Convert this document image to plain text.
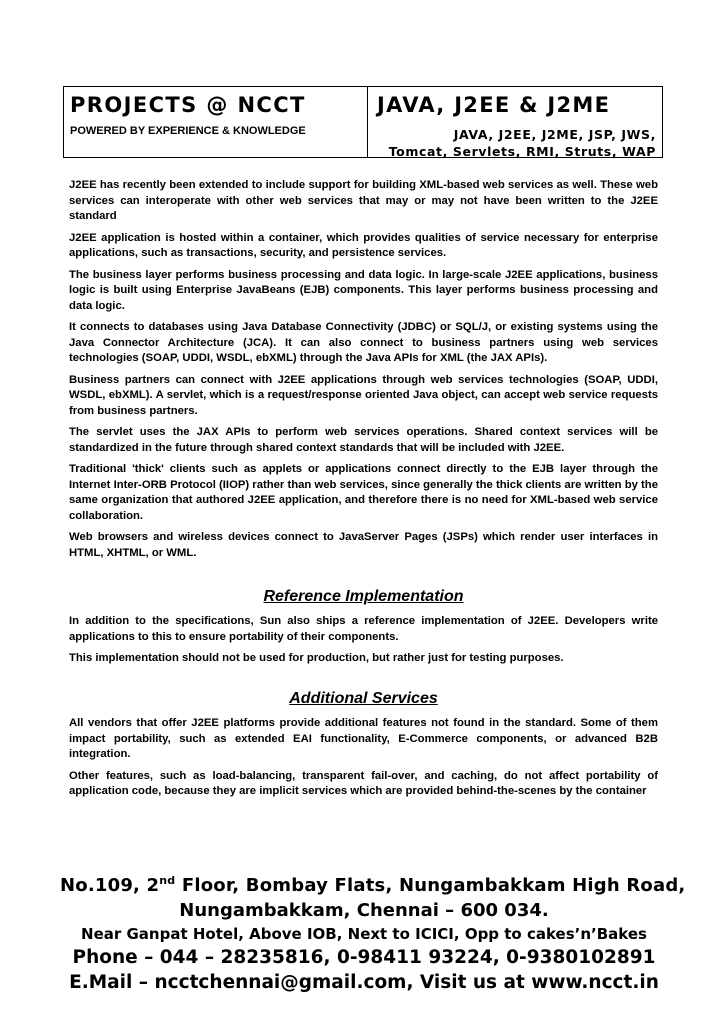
PROJECTS @ NCCT
POWERED BY EXPERIENCE & KNOWLEDGE
JAVA, J2EE & J2ME
JAVA, J2EE, J2ME, JSP, JWS,
Tomcat, Servlets, RMI, Struts, WAP

J2EE has recently been extended to include support for building XML-based web services as well. These web services can interoperate with other web services that may or may not have been written to the J2EE standard

J2EE application is hosted within a container, which provides qualities of service necessary for enterprise applications, such as transactions, security, and persistence services.

The business layer performs business processing and data logic. In large-scale J2EE applications, business logic is built using Enterprise JavaBeans (EJB) components. This layer performs business processing and data logic.

It connects to databases using Java Database Connectivity (JDBC) or SQL/J, or existing systems using the Java Connector Architecture (JCA). It can also connect to business partners using web services technologies (SOAP, UDDI, WSDL, ebXML) through the Java APIs for XML (the JAX APIs).

Business partners can connect with J2EE applications through web services technologies (SOAP, UDDI, WSDL, ebXML). A servlet, which is a request/response oriented Java object, can accept web service requests from business partners.

The servlet uses the JAX APIs to perform web services operations. Shared context services will be standardized in the future through shared context standards that will be included with J2EE.

Traditional 'thick' clients such as applets or applications connect directly to the EJB layer through the Internet Inter-ORB Protocol (IIOP) rather than web services, since generally the thick clients are written by the same organization that authored J2EE application, and therefore there is no need for XML-based web service collaboration.

Web browsers and wireless devices connect to JavaServer Pages (JSPs) which render user interfaces in HTML, XHTML, or WML.

Reference Implementation

In addition to the specifications, Sun also ships a reference implementation of J2EE. Developers write applications to this to ensure portability of their components.

This implementation should not be used for production, but rather just for testing purposes.

Additional Services

All vendors that offer J2EE platforms provide additional features not found in the standard. Some of them impact portability, such as extended EAI functionality, E-Commerce components, or advanced B2B integration.

Other features, such as load-balancing, transparent fail-over, and caching, do not affect portability of application code, because they are implicit services which are provided behind-the-scenes by the container

No.109, 2nd Floor, Bombay Flats, Nungambakkam High Road,
Nungambakkam, Chennai – 600 034.
Near Ganpat Hotel, Above IOB, Next to ICICI, Opp to cakes’n’Bakes
Phone – 044 – 28235816, 0-98411 93224, 0-9380102891
E.Mail – ncctchennai@gmail.com, Visit us at www.ncct.in
